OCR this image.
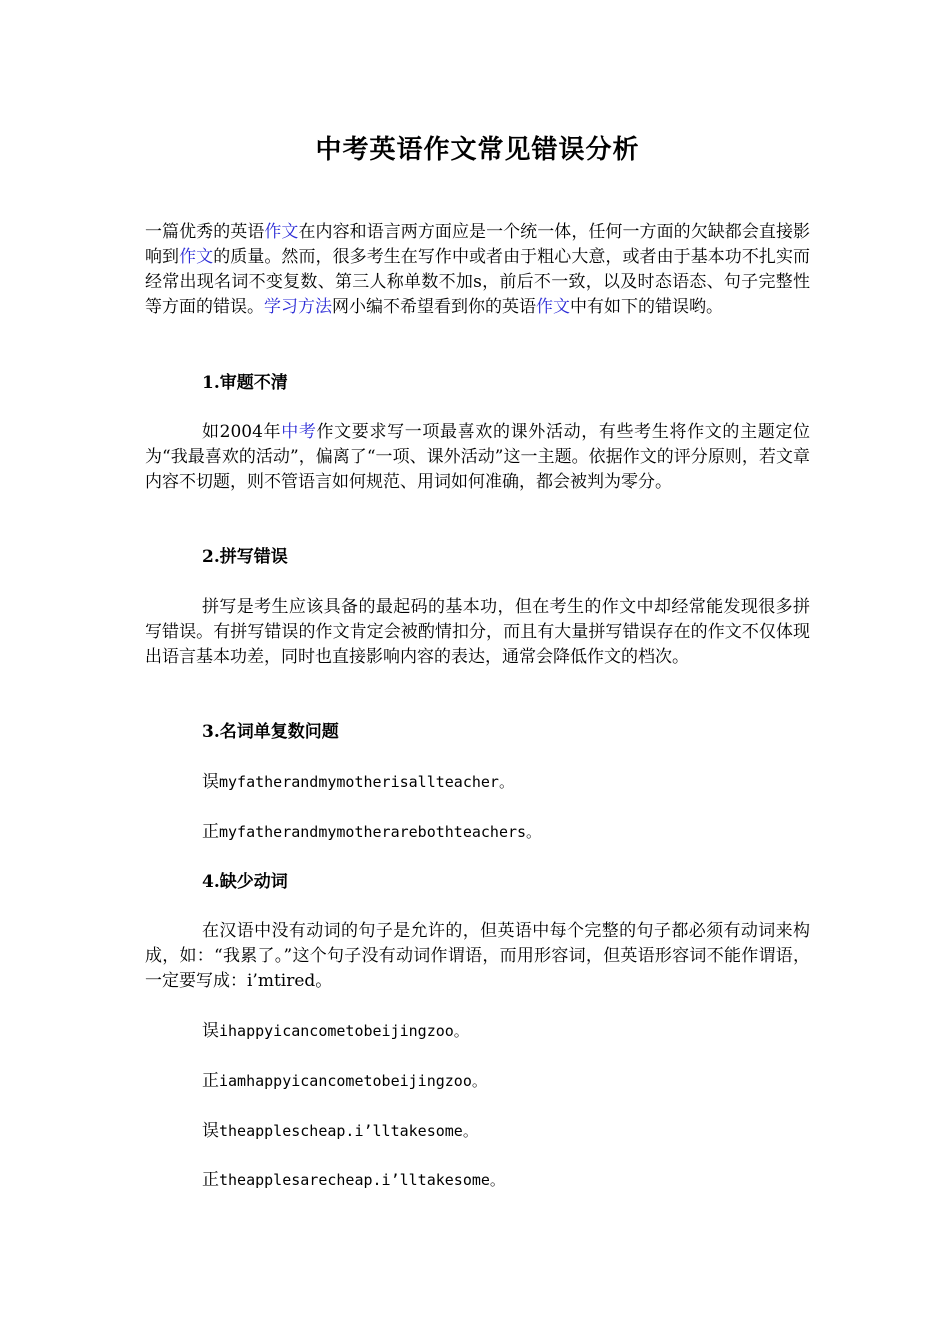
中考英语作文常见错误分析

一篇优秀的英语作文在内容和语言两方面应是一个统一体，任何一方面的欠缺都会直接影响到作文的质量。然而，很多考生在写作中或者由于粗心大意，或者由于基本功不扎实而经常出现名词不变复数、第三人称单数不加s，前后不一致，以及时态语态、句子完整性等方面的错误。学习方法网小编不希望看到你的英语作文中有如下的错误哟。

1.审题不清

如2004年中考作文要求写一项最喜欢的课外活动，有些考生将作文的主题定位为“我最喜欢的活动”，偏离了“一项、课外活动”这一主题。依据作文的评分原则，若文章内容不切题，则不管语言如何规范、用词如何准确，都会被判为零分。

2.拼写错误

拼写是考生应该具备的最起码的基本功，但在考生的作文中却经常能发现很多拼写错误。有拼写错误的作文肯定会被酌情扣分，而且有大量拼写错误存在的作文不仅体现出语言基本功差，同时也直接影响内容的表达，通常会降低作文的档次。

3.名词单复数问题

误myfatherandmymotherisallteacher。

正myfatherandmymotherarebothteachers。

4.缺少动词

在汉语中没有动词的句子是允许的，但英语中每个完整的句子都必须有动词来构成，如：“我累了。”这个句子没有动词作谓语，而用形容词，但英语形容词不能作谓语，一定要写成：i’mtired。

误ihappyicancometobeijingzoo。

正iamhappyicancometobeijingzoo。

误theapplescheap.i’lltakesome。

正theapplesarecheap.i’lltakesome。
